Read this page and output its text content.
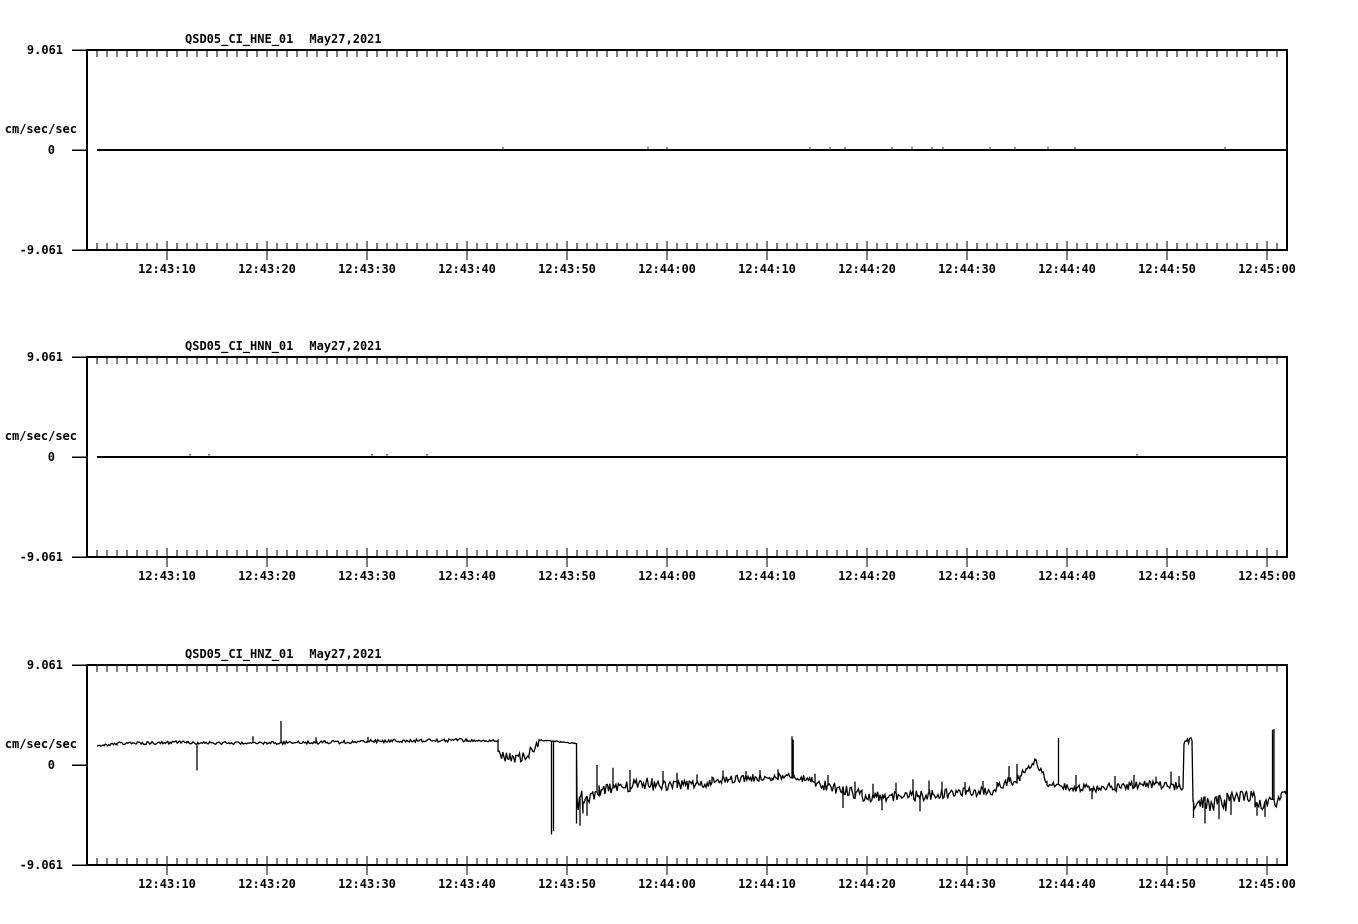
QSD05_CI_HNE_01 May27,2021
9.061
cm/sec/sec
0
-9.061
12:43:10	12:43:20	12:43:30	12:43:40	12:43:50	12:44:00	12:44:10	12:44:20	12:44:30	12:44:40	12:44:50	12:45:00
QSD05_CI_HNN_01 May27,2021
9.061
cm/sec/sec
0
-9.061
12:43:10	12:43:20	12:43:30	12:43:40	12:43:50	12:44:00	12:44:10	12:44:20	12:44:30	12:44:40	12:44:50	12:45:00
QSD05_CI_HNZ_01 May27,2021
9.061
cm/sec/sec
0
-9.061
12:43:10	12:43:20	12:43:30	12:43:40	12:43:50	12:44:00	12:44:10	12:44:20	12:44:30	12:44:40	12:44:50	12:45:00
